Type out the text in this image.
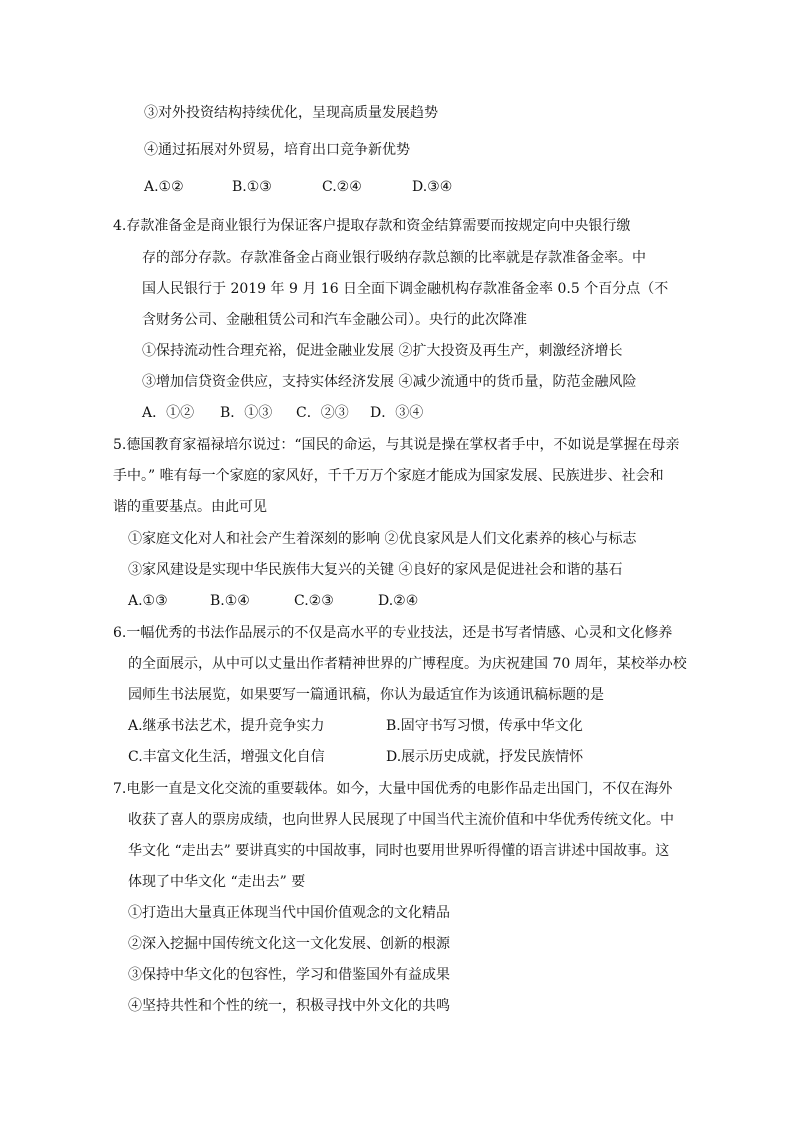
③对外投资结构持续优化，呈现高质量发展趋势
④通过拓展对外贸易，培育出口竞争新优势
A.①②	B.①③	C.②④	D.③④
4.存款准备金是商业银行为保证客户提取存款和资金结算需要而按规定向中央银行缴
存的部分存款。存款准备金占商业银行吸纳存款总额的比率就是存款准备金率。中
国人民银行于 2019 年 9 月 16 日全面下调金融机构存款准备金率 0.5 个百分点（不
含财务公司、金融租赁公司和汽车金融公司）。央行的此次降准
①保持流动性合理充裕，促进金融业发展 ②扩大投资及再生产，刺激经济增长
③增加信贷资金供应，支持实体经济发展 ④减少流通中的货币量，防范金融风险
A．①② B．①③ C．②③ D．③④
5.德国教育家福禄培尔说过：“国民的命运，与其说是操在掌权者手中，不如说是掌握在母亲
手中。” 唯有每一个家庭的家风好，千千万万个家庭才能成为国家发展、民族进步、社会和
谐的重要基点。由此可见
①家庭文化对人和社会产生着深刻的影响 ②优良家风是人们文化素养的核心与标志
③家风建设是实现中华民族伟大复兴的关键 ④良好的家风是促进社会和谐的基石
A.①③	B.①④	C.②③	D.②④
6.一幅优秀的书法作品展示的不仅是高水平的专业技法，还是书写者情感、心灵和文化修养
的全面展示，从中可以丈量出作者精神世界的广博程度。为庆祝建国 70 周年，某校举办校
园师生书法展览，如果要写一篇通讯稿，你认为最适宜作为该通讯稿标题的是
A.继承书法艺术，提升竞争实力	B.固守书写习惯，传承中华文化
C.丰富文化生活，增强文化自信	D.展示历史成就，抒发民族情怀
7.电影一直是文化交流的重要载体。如今，大量中国优秀的电影作品走出国门，不仅在海外
收获了喜人的票房成绩，也向世界人民展现了中国当代主流价值和中华优秀传统文化。中
华文化 “走出去” 要讲真实的中国故事，同时也要用世界听得懂的语言讲述中国故事。这
体现了中华文化 “走出去” 要
①打造出大量真正体现当代中国价值观念的文化精品
②深入挖掘中国传统文化这一文化发展、创新的根源
③保持中华文化的包容性，学习和借鉴国外有益成果
④坚持共性和个性的统一，积极寻找中外文化的共鸣
